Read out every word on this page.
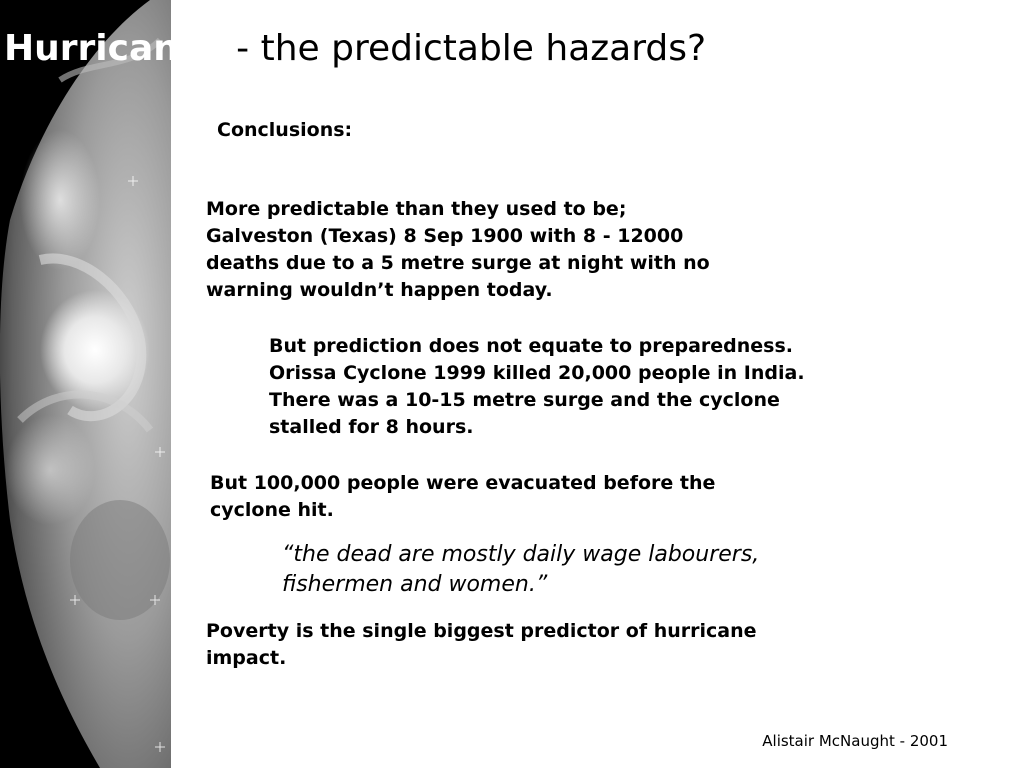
Hurricanes - the predictable hazards?

Conclusions:

More predictable than they used to be;
Galveston (Texas) 8 Sep 1900 with 8 - 12000
deaths due to a 5 metre surge at night with no
warning wouldn’t happen today.

But prediction does not equate to preparedness.
Orissa Cyclone 1999 killed 20,000 people in India.
There was a 10-15 metre surge and the cyclone
stalled for 8 hours.

But 100,000 people were evacuated before the
cyclone hit.

“the dead are mostly daily wage labourers,
fishermen and women.”

Poverty is the single biggest predictor of hurricane
impact.

Alistair McNaught - 2001
